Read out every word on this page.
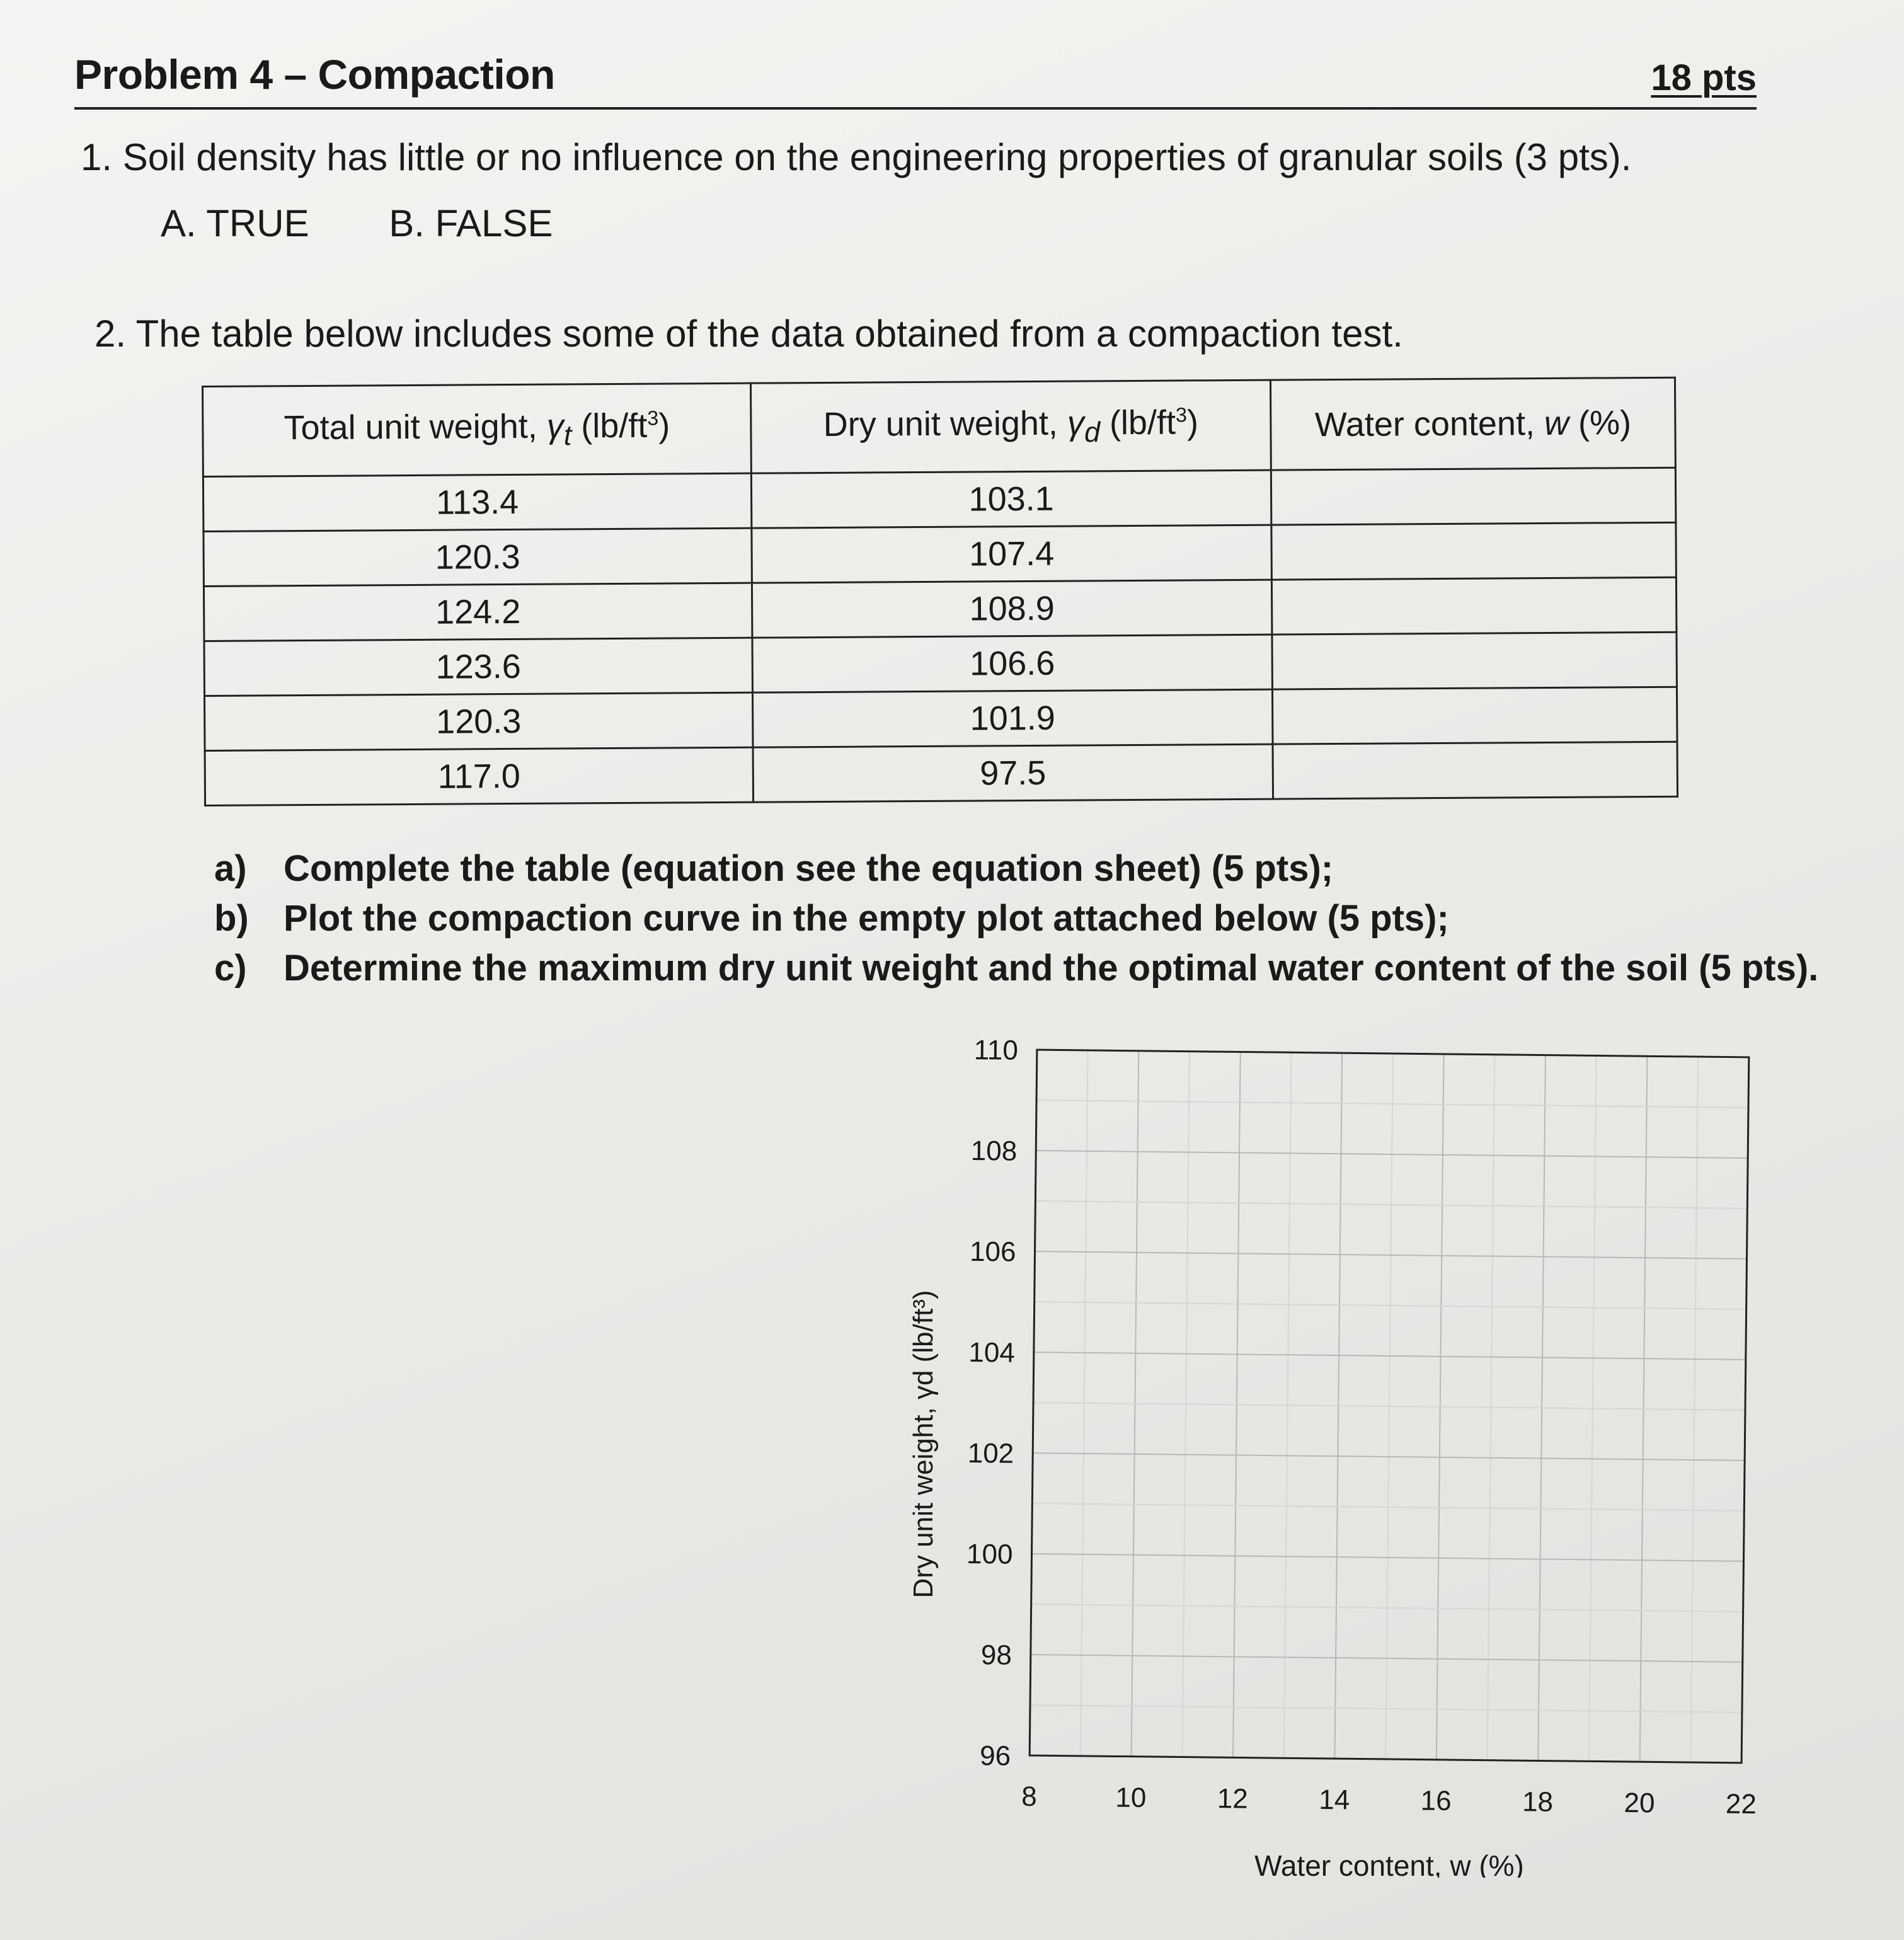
Problem 4 – Compaction	18 pts
1. Soil density has little or no influence on the engineering properties of granular soils (3 pts).
A. TRUE B. FALSE
2. The table below includes some of the data obtained from a compaction test.
Total unit weight, $\gamma_t$ $(lb/ft^3)$	Dry unit weight, $\gamma_d$ $(lb/ft^3)$	Water content, w (%)
113.4	103.1	
120.3	107.4	
124.2	108.9	
123.6	106.6	
120.3	101.9	
117.0	97.5	
a)	Complete the table (equation see the equation sheet) (5 pts);
b) Plot the compaction curve in the empty plot attached below (5 pts);
c)	Determine the maximum dry unit weight and the optimal water content of the soil (5 pts).
8	10	12	14	16	18	20	22
110
108
106
104
102
100
98
96
Water content, w (%)
Dry unit weight, γd (lb/ft³)
